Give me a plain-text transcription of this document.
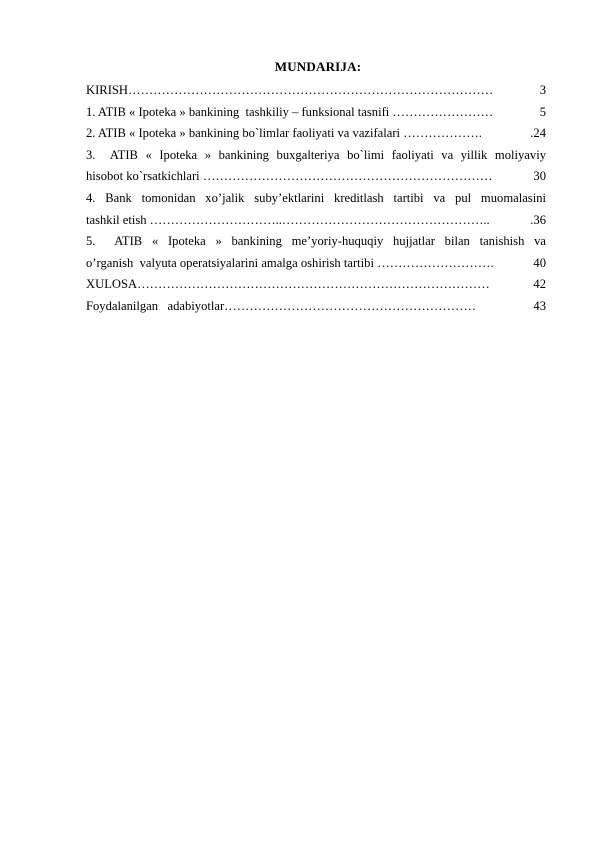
MUNDARIJA:
KIRISH ……………………………………………………………………………	3
1. ATIB « Ipoteka » bankining  tashkiliy – funksional tasnifi ……………………	5
2. ATIB « Ipoteka » bankining bo`limlar faoliyati va vazifalari ……………….	.24
3.  ATIB « Ipoteka » bankining buxgalteriya bo`limi faoliyati va yillik moliyaviy
hisobot ko`rsatkichlari ……………………………………………………………	30
4. Bank tomonidan xo’jalik suby’ektlarini kreditlash tartibi va pul muomalasini
tashkil etish …………………………..…………………………………………..	.36
5.  ATIB « Ipoteka » bankining me’yoriy-huquqiy hujjatlar bilan tanishish va
o’rganish  valyuta operatsiyalarini amalga oshirish tartibi ……………………….	40
XULOSA …………………………………………………………………………	42
Foydalanilgan   adabiyotlar ……………………………………………………	43
